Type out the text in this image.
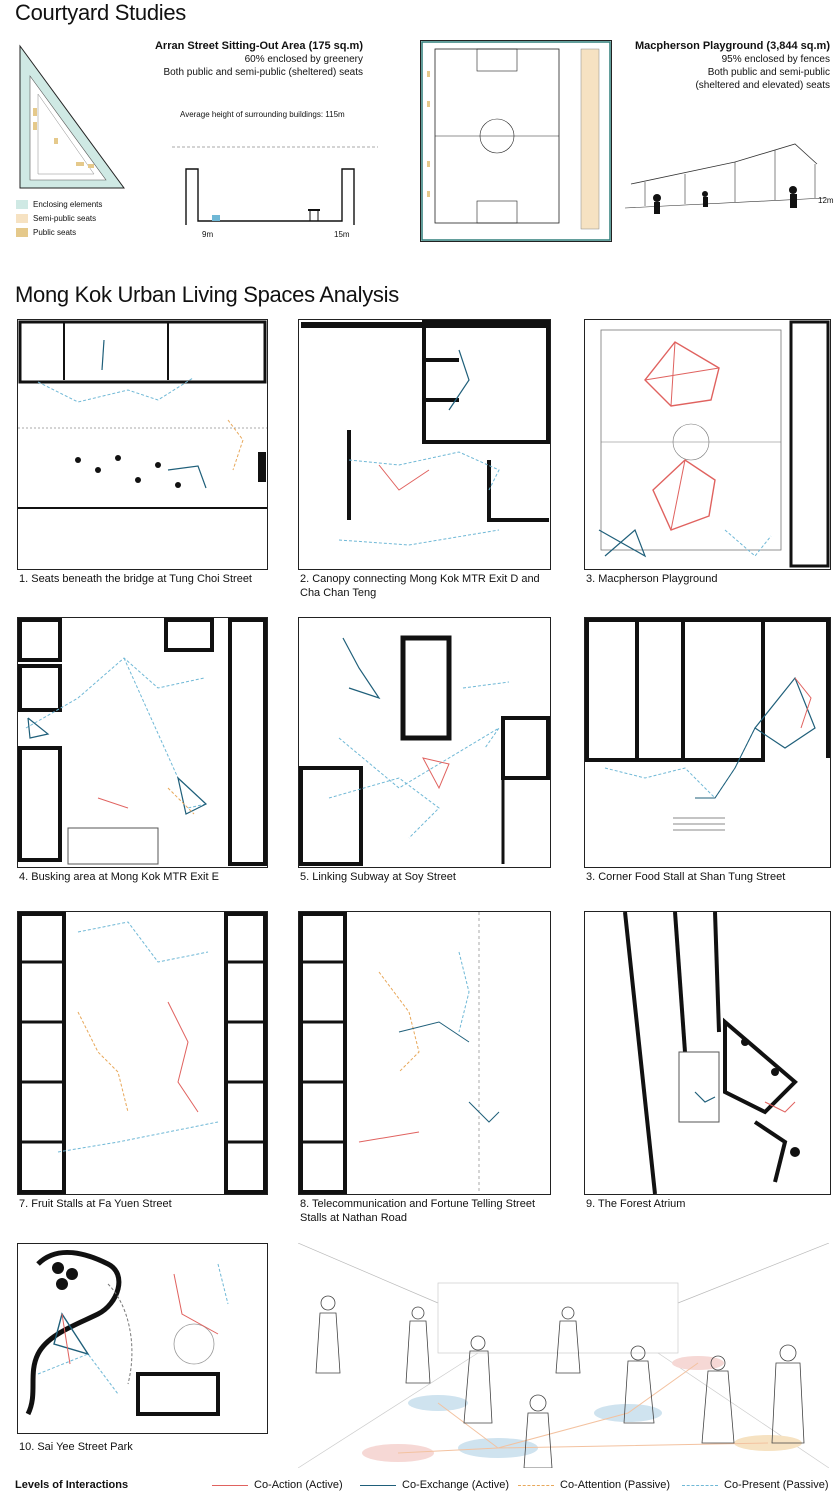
Courtyard Studies
Enclosing elements
Semi-public seats
Public seats
Arran Street Sitting-Out Area (175 sq.m)
60% enclosed by greenery
Both public and semi-public (sheltered) seats
Average height of surrounding buildings: 115m
9m	15m
Macpherson Playground (3,844 sq.m)
95% enclosed by fences
Both public and semi-public
(sheltered and elevated) seats
12m
Mong Kok Urban Living Spaces Analysis
1. Seats beneath the bridge at Tung Choi Street	2. Canopy connecting Mong Kok MTR Exit D and Cha Chan Teng
3. Macpherson Playground
4. Busking area at Mong Kok MTR Exit E	5. Linking Subway at Soy Street	3. Corner Food Stall at Shan Tung Street
7. Fruit Stalls at Fa Yuen Street	8. Telecommunication and Fortune Telling Street Stalls at Nathan Road
9. The Forest Atrium
10. Sai Yee Street Park
Levels of Interactions	Co-Action (Active)	Co-Exchange (Active)	Co-Attention (Passive)	Co-Present (Passive)
